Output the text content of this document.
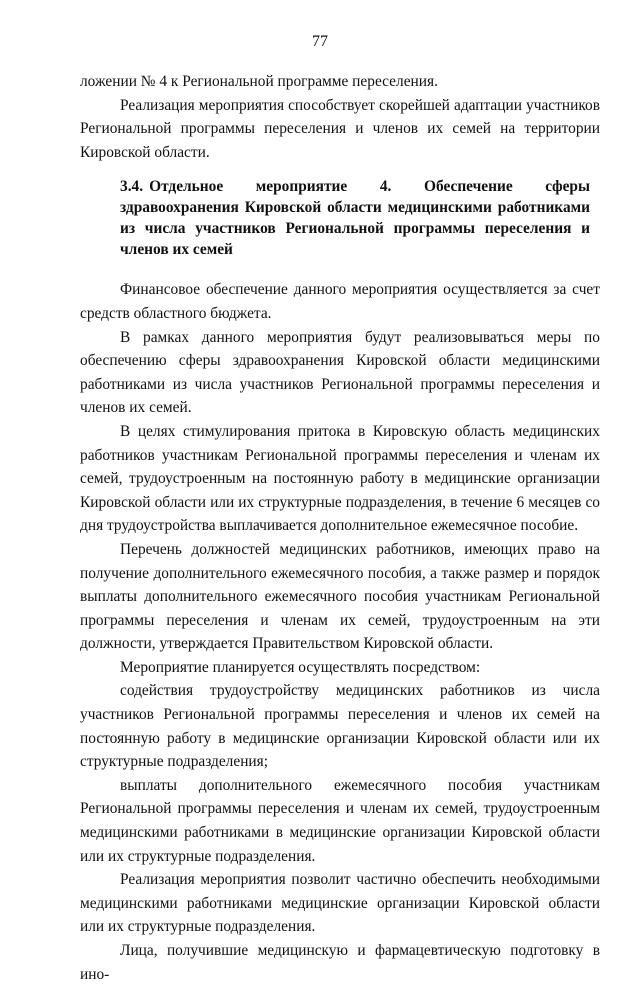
77

ложении № 4 к Региональной программе переселения.

Реализация мероприятия способствует скорейшей адаптации участников Региональной программы переселения и членов их семей на территории Кировской области.

3.4. Отдельное мероприятие 4. Обеспечение сферы здравоохранения Кировской области медицинскими работниками из числа участников Региональной программы переселения и членов их семей

Финансовое обеспечение данного мероприятия осуществляется за счет средств областного бюджета.

В рамках данного мероприятия будут реализовываться меры по обеспечению сферы здравоохранения Кировской области медицинскими работниками из числа участников Региональной программы переселения и членов их семей.

В целях стимулирования притока в Кировскую область медицинских работников участникам Региональной программы переселения и членам их семей, трудоустроенным на постоянную работу в медицинские организации Кировской области или их структурные подразделения, в течение 6 месяцев со дня трудоустройства выплачивается дополнительное ежемесячное пособие.

Перечень должностей медицинских работников, имеющих право на получение дополнительного ежемесячного пособия, а также размер и порядок выплаты дополнительного ежемесячного пособия участникам Региональной программы переселения и членам их семей, трудоустроенным на эти должности, утверждается Правительством Кировской области.

Мероприятие планируется осуществлять посредством:

содействия трудоустройству медицинских работников из числа участников Региональной программы переселения и членов их семей на постоянную работу в медицинские организации Кировской области или их структурные подразделения;

выплаты дополнительного ежемесячного пособия участникам Региональной программы переселения и членам их семей, трудоустроенным медицинскими работниками в медицинские организации Кировской области или их структурные подразделения.

Реализация мероприятия позволит частично обеспечить необходимыми медицинскими работниками медицинские организации Кировской области или их структурные подразделения.

Лица, получившие медицинскую и фармацевтическую подготовку в ино-
